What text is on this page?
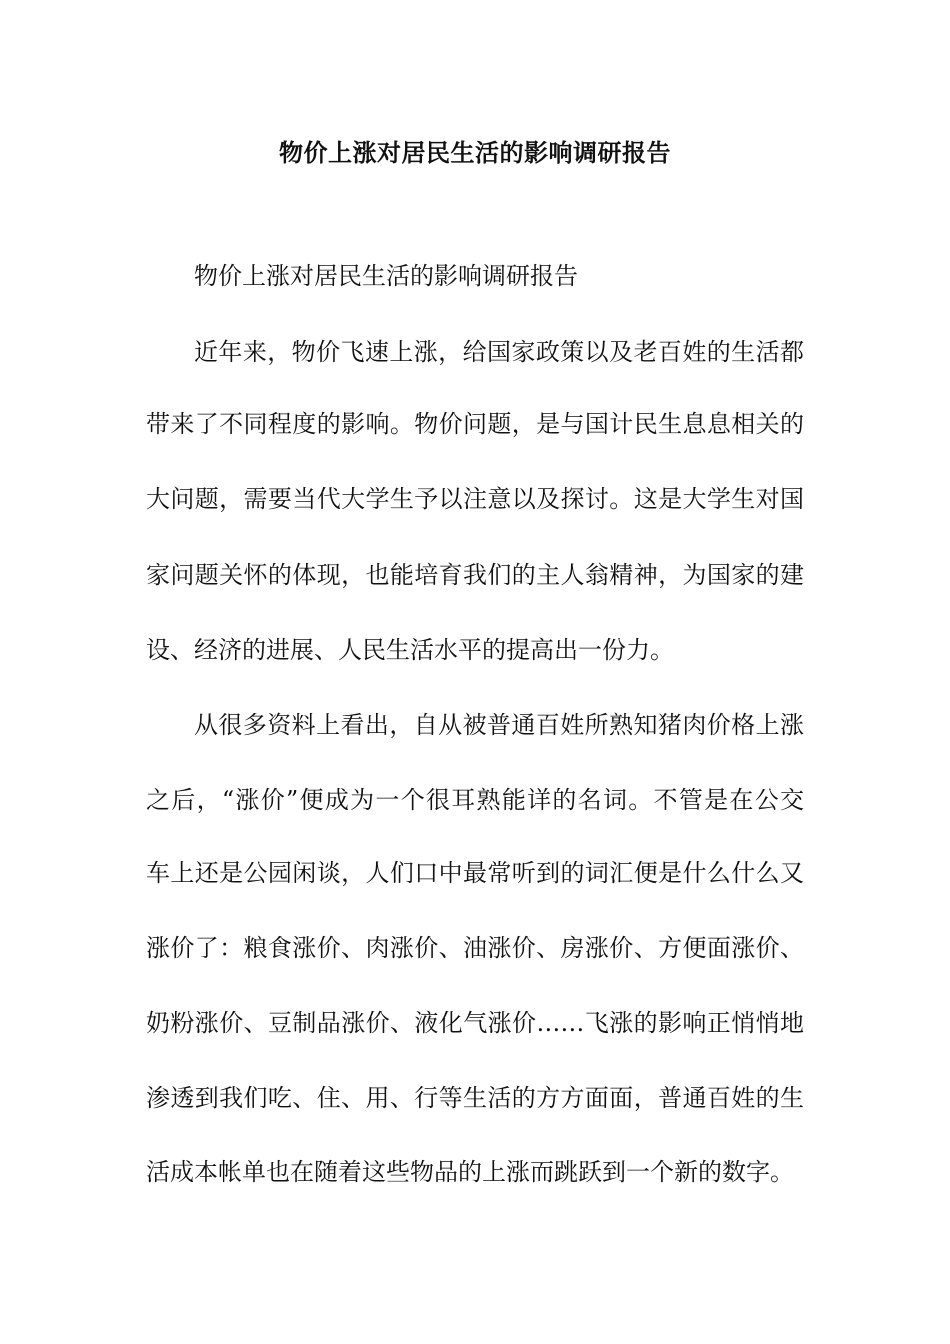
物价上涨对居民生活的影响调研报告
物价上涨对居民生活的影响调研报告
近年来，物价飞速上涨，给国家政策以及老百姓的生活都
带来了不同程度的影响。物价问题，是与国计民生息息相关的
大问题，需要当代大学生予以注意以及探讨。这是大学生对国
家问题关怀的体现，也能培育我们的主人翁精神，为国家的建
设、经济的进展、人民生活水平的提高出一份力。
从很多资料上看出，自从被普通百姓所熟知猪肉价格上涨
之后，“涨价”便成为一个很耳熟能详的名词。不管是在公交
车上还是公园闲谈，人们口中最常听到的词汇便是什么什么又
涨价了：粮食涨价、肉涨价、油涨价、房涨价、方便面涨价、
奶粉涨价、豆制品涨价、液化气涨价……飞涨的影响正悄悄地
渗透到我们吃、住、用、行等生活的方方面面，普通百姓的生
活成本帐单也在随着这些物品的上涨而跳跃到一个新的数字。
